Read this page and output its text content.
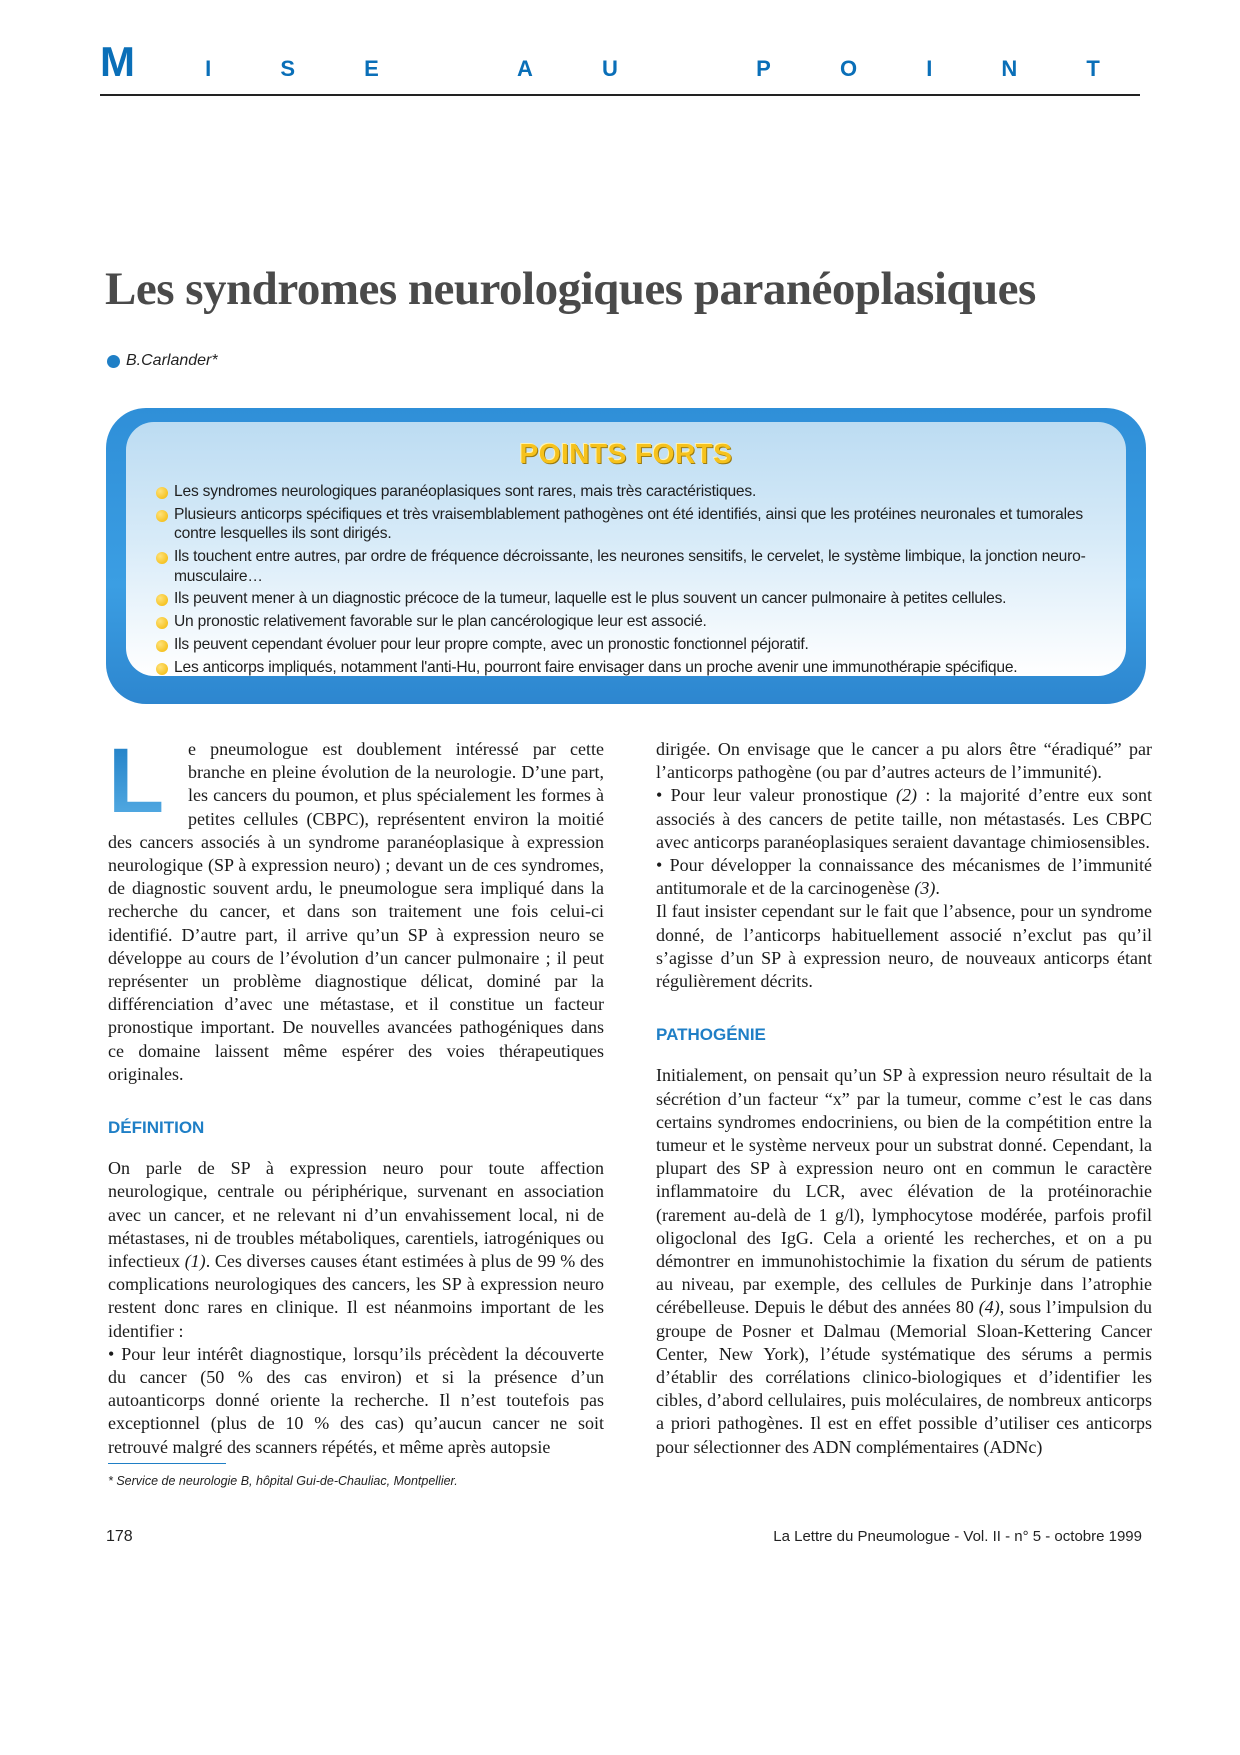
M	I	S	E	A	U	P	O	I	N	T
Les syndromes neurologiques paranéoplasiques
B.Carlander*
POINTS FORTS
Les syndromes neurologiques paranéoplasiques sont rares, mais très caractéristiques.
Plusieurs anticorps spécifiques et très vraisemblablement pathogènes ont été identifiés, ainsi que les protéines neuronales et tumorales contre lesquelles ils sont dirigés.
Ils touchent entre autres, par ordre de fréquence décroissante, les neurones sensitifs, le cervelet, le système limbique, la jonction neuro-musculaire…
Ils peuvent mener à un diagnostic précoce de la tumeur, laquelle est le plus souvent un cancer pulmonaire à petites cellules.
Un pronostic relativement favorable sur le plan cancérologique leur est associé.
Ils peuvent cependant évoluer pour leur propre compte, avec un pronostic fonctionnel péjoratif.
Les anticorps impliqués, notamment l'anti-Hu, pourront faire envisager dans un proche avenir une immunothérapie spécifique.

L	e pneumologue est doublement intéressé par cette branche en pleine évolution de la neurologie. D’une part, les cancers du poumon, et plus spécialement les formes à petites cellules (CBPC), représentent environ la moitié des cancers associés à un syndrome paranéoplasique à expression neurologique (SP à expression neuro) ; devant un de ces syndromes, de diagnostic souvent ardu, le pneumologue sera impliqué dans la recherche du cancer, et dans son traitement une fois celui-ci identifié. D’autre part, il arrive qu’un SP à expression neuro se développe au cours de l’évolution d’un cancer pulmonaire ; il peut représenter un problème diagnostique délicat, dominé par la différenciation d’avec une métastase, et il constitue un facteur pronostique important. De nouvelles avancées pathogéniques dans ce domaine laissent même espérer des voies thérapeutiques originales.

DÉFINITION

On parle de SP à expression neuro pour toute affection neurologique, centrale ou périphérique, survenant en association avec un cancer, et ne relevant ni d’un envahissement local, ni de métastases, ni de troubles métaboliques, carentiels, iatrogéniques ou infectieux (1). Ces diverses causes étant estimées à plus de 99 % des complications neurologiques des cancers, les SP à expression neuro restent donc rares en clinique. Il est néanmoins important de les identifier :

• Pour leur intérêt diagnostique, lorsqu’ils précèdent la découverte du cancer (50 % des cas environ) et si la présence d’un autoanticorps donné oriente la recherche. Il n’est toutefois pas exceptionnel (plus de 10 % des cas) qu’aucun cancer ne soit retrouvé malgré des scanners répétés, et même après autopsie

dirigée. On envisage que le cancer a pu alors être “éradiqué” par l’anticorps pathogène (ou par d’autres acteurs de l’immunité).

• Pour leur valeur pronostique (2) : la majorité d’entre eux sont associés à des cancers de petite taille, non métastasés. Les CBPC avec anticorps paranéoplasiques seraient davantage chimiosensibles.

• Pour développer la connaissance des mécanismes de l’immunité antitumorale et de la carcinogenèse (3).

Il faut insister cependant sur le fait que l’absence, pour un syndrome donné, de l’anticorps habituellement associé n’exclut pas qu’il s’agisse d’un SP à expression neuro, de nouveaux anticorps étant régulièrement décrits.

PATHOGÉNIE

Initialement, on pensait qu’un SP à expression neuro résultait de la sécrétion d’un facteur “x” par la tumeur, comme c’est le cas dans certains syndromes endocriniens, ou bien de la compétition entre la tumeur et le système nerveux pour un substrat donné. Cependant, la plupart des SP à expression neuro ont en commun le caractère inflammatoire du LCR, avec élévation de la protéinorachie (rarement au-delà de 1 g/l), lymphocytose modérée, parfois profil oligoclonal des IgG. Cela a orienté les recherches, et on a pu démontrer en immunohistochimie la fixation du sérum de patients au niveau, par exemple, des cellules de Purkinje dans l’atrophie cérébelleuse. Depuis le début des années 80 (4), sous l’impulsion du groupe de Posner et Dalmau (Memorial Sloan-Kettering Cancer Center, New York), l’étude systématique des sérums a permis d’établir des corrélations clinico-biologiques et d’identifier les cibles, d’abord cellulaires, puis moléculaires, de nombreux anticorps a priori pathogènes. Il est en effet possible d’utiliser ces anticorps pour sélectionner des ADN complémentaires (ADNc)

* Service de neurologie B, hôpital Gui-de-Chauliac, Montpellier.
178	La Lettre du Pneumologue - Vol. II - n° 5 - octobre 1999
